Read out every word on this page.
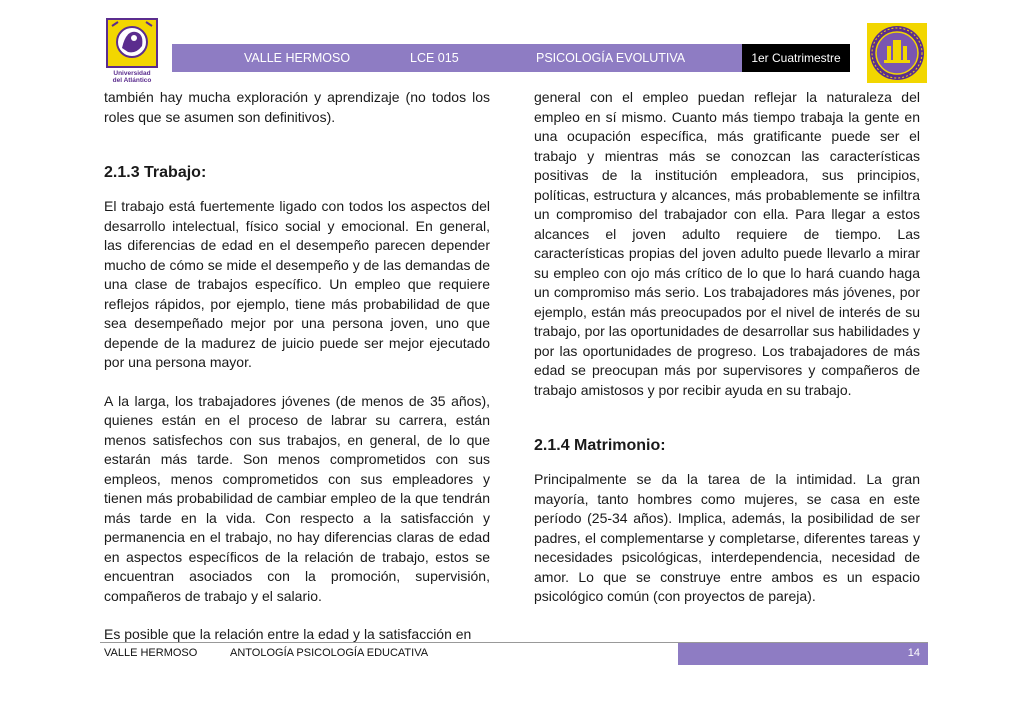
Universidad
del Atlántico
VALLE HERMOSO	LCE 015	PSICOLOGÍA EVOLUTIVA	1er Cuatrimestre

también hay mucha exploración y aprendizaje (no todos los roles que se asumen son definitivos).

2.1.3 Trabajo:

El trabajo está fuertemente ligado con todos los aspectos del desarrollo intelectual, físico social y emocional. En general, las diferencias de edad en el desempeño parecen depender mucho de cómo se mide el desempeño y de las demandas de una clase de trabajos específico. Un empleo que requiere reflejos rápidos, por ejemplo, tiene más probabilidad de que sea desempeñado mejor por una persona joven, uno que depende de la madurez de juicio puede ser mejor ejecutado por una persona mayor.

A la larga, los trabajadores jóvenes (de menos de 35 años), quienes están en el proceso de labrar su carrera, están menos satisfechos con sus trabajos, en general, de lo que estarán más tarde. Son menos comprometidos con sus empleos, menos comprometidos con sus empleadores y tienen más probabilidad de cambiar empleo de la que tendrán más tarde en la vida. Con respecto a la satisfacción y permanencia en el trabajo, no hay diferencias claras de edad en aspectos específicos de la relación de trabajo, estos se encuentran asociados con la promoción, supervisión, compañeros de trabajo y el salario.

Es posible que la relación entre la edad y la satisfacción en

general con el empleo puedan reflejar la naturaleza del empleo en sí mismo. Cuanto más tiempo trabaja la gente en una ocupación específica, más gratificante puede ser el trabajo y mientras más se conozcan las características positivas de la institución empleadora, sus principios, políticas, estructura y alcances, más probablemente se infiltra un compromiso del trabajador con ella. Para llegar a estos alcances el joven adulto requiere de tiempo. Las características propias del joven adulto puede llevarlo a mirar su empleo con ojo más crítico de lo que lo hará cuando haga un compromiso más serio. Los trabajadores más jóvenes, por ejemplo, están más preocupados por el nivel de interés de su trabajo, por las oportunidades de desarrollar sus habilidades y por las oportunidades de progreso. Los trabajadores de más edad se preocupan más por supervisores y compañeros de trabajo amistosos y por recibir ayuda en su trabajo.

2.1.4 Matrimonio:

Principalmente se da la tarea de la intimidad. La gran mayoría, tanto hombres como mujeres, se casa en este período (25-34 años). Implica, además, la posibilidad de ser padres, el complementarse y completarse, diferentes tareas y necesidades psicológicas, interdependencia, necesidad de amor. Lo que se construye entre ambos es un espacio psicológico común (con proyectos de pareja).

VALLE HERMOSO	ANTOLOGÍA PSICOLOGÍA EDUCATIVA	14
